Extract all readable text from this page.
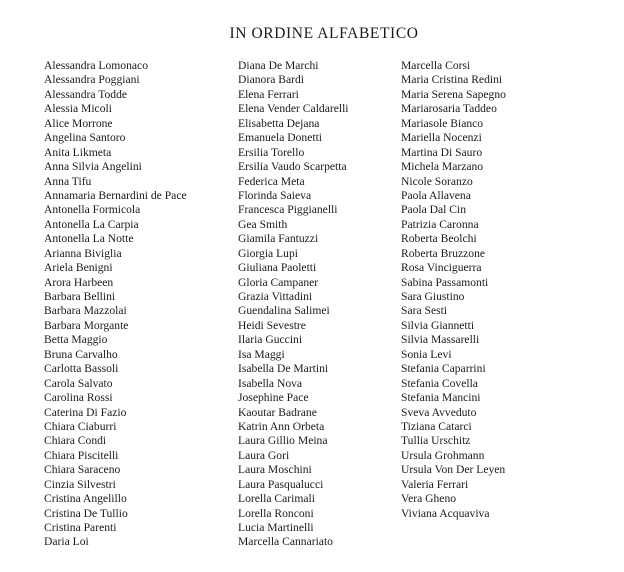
IN ORDINE ALFABETICO
Alessandra Lomonaco
Alessandra Poggiani
Alessandra Todde
Alessia Micoli
Alice Morrone
Angelina Santoro
Anita Likmeta
Anna Silvia Angelini
Anna Tifu
Annamaria Bernardini de Pace
Antonella Formicola
Antonella La Carpia
Antonella La Notte
Arianna Biviglia
Ariela Benigni
Arora Harbeen
Barbara Bellini
Barbara Mazzolai
Barbara Morgante
Betta Maggio
Bruna Carvalho
Carlotta Bassoli
Carola Salvato
Carolina Rossi
Caterina Di Fazio
Chiara Ciaburri
Chiara Condi
Chiara Piscitelli
Chiara Saraceno
Cinzia Silvestri
Cristina Angelillo
Cristina De Tullio
Cristina Parenti
Daria Loi
Diana De Marchi
Dianora Bardi
Elena Ferrari
Elena Vender Caldarelli
Elisabetta Dejana
Emanuela Donetti
Ersilia Torello
Ersilia Vaudo Scarpetta
Federica Meta
Florinda Saieva
Francesca Piggianelli
Gea Smith
Giamila Fantuzzi
Giorgia Lupi
Giuliana Paoletti
Gloria Campaner
Grazia Vittadini
Guendalina Salimei
Heidi Sevestre
Ilaria Guccini
Isa Maggi
Isabella De Martini
Isabella Nova
Josephine Pace
Kaoutar Badrane
Katrin Ann Orbeta
Laura Gillio Meina
Laura Gori
Laura Moschini
Laura Pasqualucci
Lorella Carimali
Lorella Ronconi
Lucia Martinelli
Marcella Cannariato
Marcella Corsi
Maria Cristina Redini
Maria Serena Sapegno
Mariarosaria Taddeo
Mariasole Bianco
Mariella Nocenzi
Martina Di Sauro
Michela Marzano
Nicole Soranzo
Paola Allavena
Paola Dal Cin
Patrizia Caronna
Roberta Beolchi
Roberta Bruzzone
Rosa Vinciguerra
Sabina Passamonti
Sara Giustino
Sara Sesti
Silvia Giannetti
Silvia Massarelli
Sonia Levi
Stefania Caparrini
Stefania Covella
Stefania Mancini
Sveva Avveduto
Tiziana Catarci
Tullia Urschitz
Ursula Grohmann
Ursula Von Der Leyen
Valeria Ferrari
Vera Gheno
Viviana Acquaviva
